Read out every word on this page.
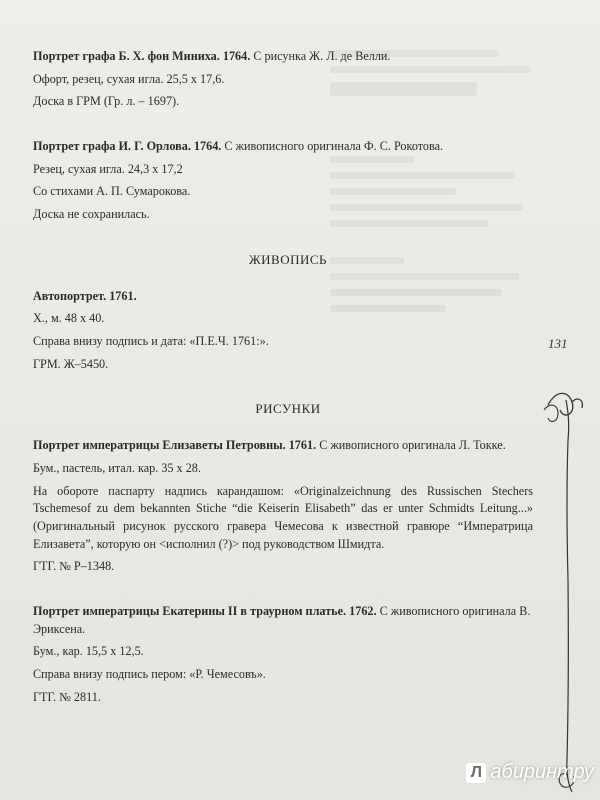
Портрет графа Б. Х. фон Миниха. 1764. С рисунка Ж. Л. де Велли.

Офорт, резец, сухая игла. 25,5 х 17,6.

Доска в ГРМ (Гр. л. – 1697).

Портрет графа И. Г. Орлова. 1764. С живописного оригинала Ф. С. Рокотова.

Резец, сухая игла. 24,3 х 17,2

Со стихами А. П. Сумарокова.

Доска не сохранилась.

ЖИВОПИСЬ

Автопортрет. 1761.

Х., м. 48 х 40.

Справа внизу подпись и дата: «П.Е.Ч. 1761:».

ГРМ. Ж–5450.

РИСУНКИ

Портрет императрицы Елизаветы Петровны. 1761. С живописного оригинала Л. Токке.

Бум., пастель, итал. кар. 35 х 28.

На обороте паспарту надпись карандашом: «Originalzeichnung des Russischen Stechers Tschemesof zu dem bekannten Stiche “die Keiserin Elisabeth” das er unter Schmidts Leitung...» (Оригинальный рисунок русского гравера Чемесова к известной гравюре “Императрица Елизавета”, которую он <исполнил (?)> под руководством Шмидта.

ГТГ. № Р–1348.

Портрет императрицы Екатерины II в траурном платье. 1762. С живописного оригинала В. Эриксена.

Бум., кар. 15,5 х 12,5.

Справа внизу подпись пером: «Р. Чемесовъ».

ГТГ. № 2811.

131
Л абиринтру
